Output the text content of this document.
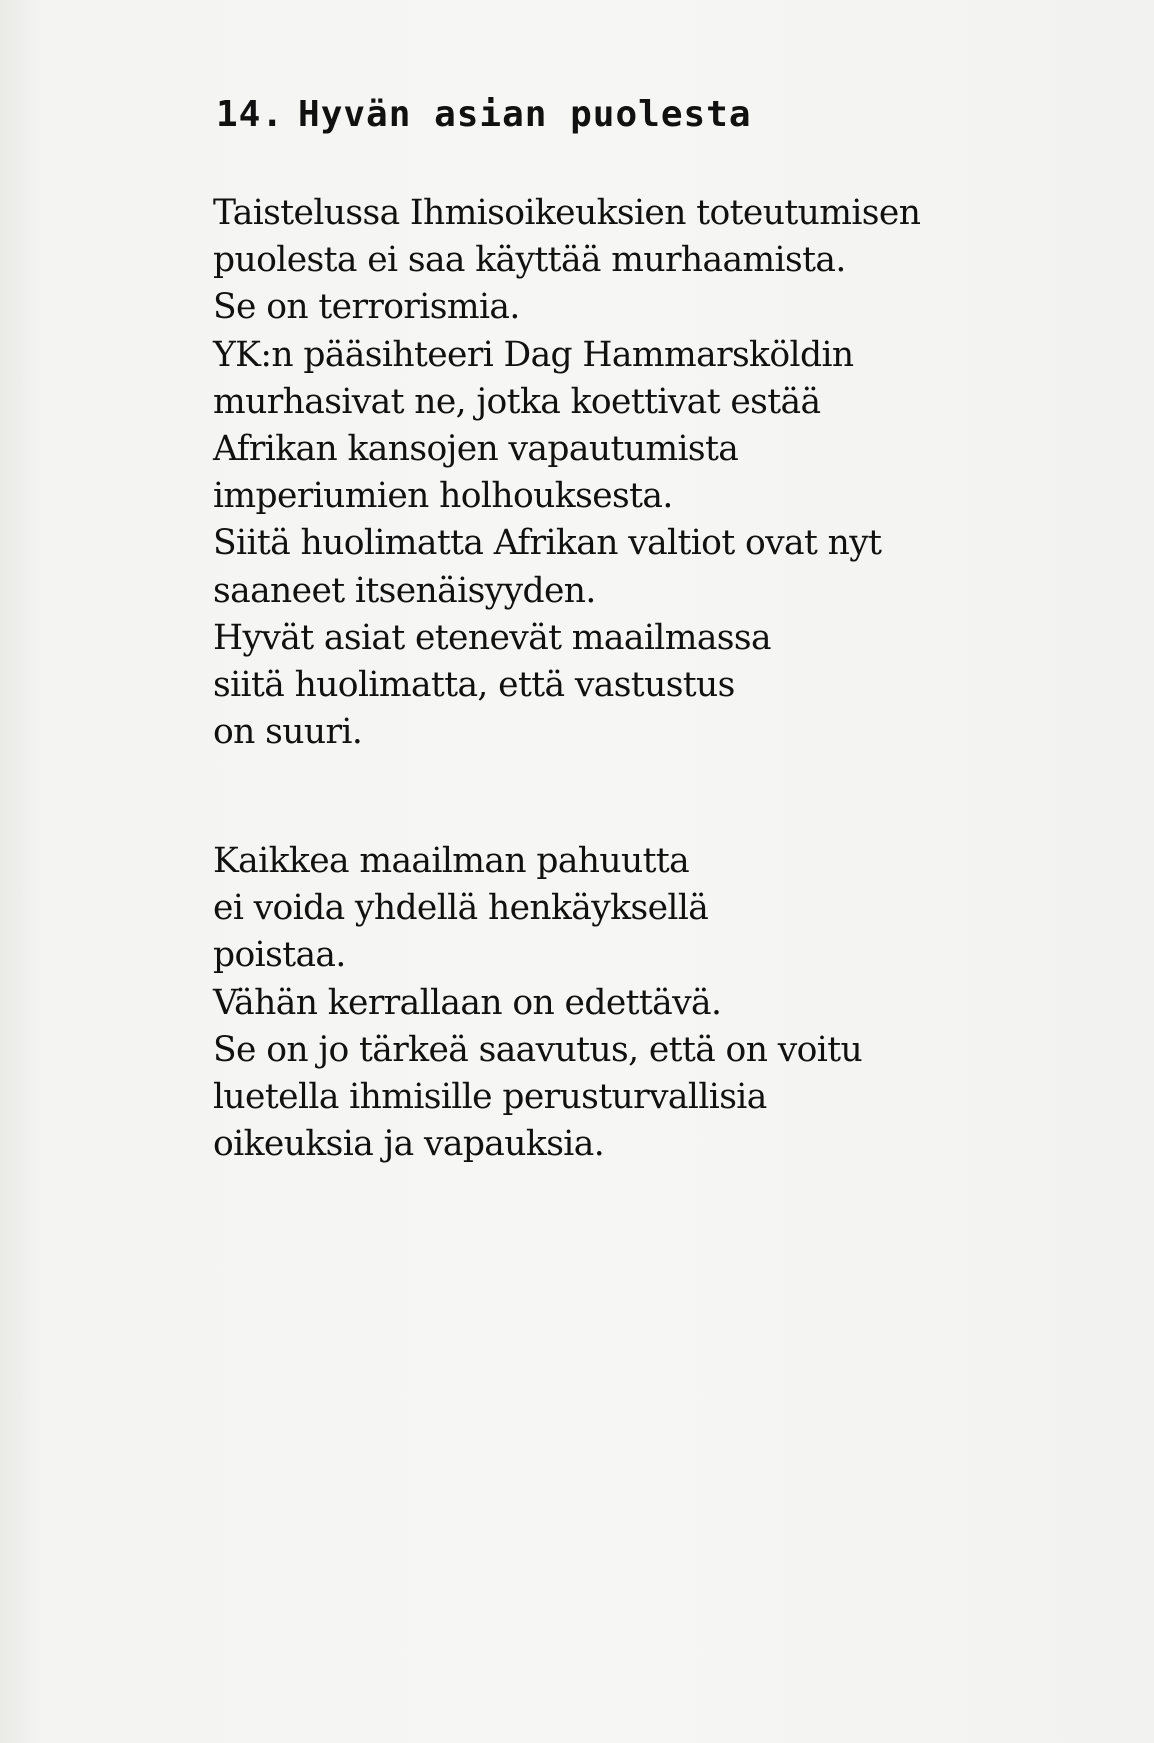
14. Hyvän asian puolesta
Taistelussa Ihmisoikeuksien toteutumisen
puolesta ei saa käyttää murhaamista.
Se on terrorismia.
YK:n pääsihteeri Dag Hammarsköldin
murhasivat ne, jotka koettivat estää
Afrikan kansojen vapautumista
imperiumien holhouksesta.
Siitä huolimatta Afrikan valtiot ovat nyt
saaneet itsenäisyyden.
Hyvät asiat etenevät maailmassa
siitä huolimatta, että vastustus
on suuri.
Kaikkea maailman pahuutta
ei voida yhdellä henkäyksellä
poistaa.
Vähän kerrallaan on edettävä.
Se on jo tärkeä saavutus, että on voitu
luetella ihmisille perusturvallisia
oikeuksia ja vapauksia.
